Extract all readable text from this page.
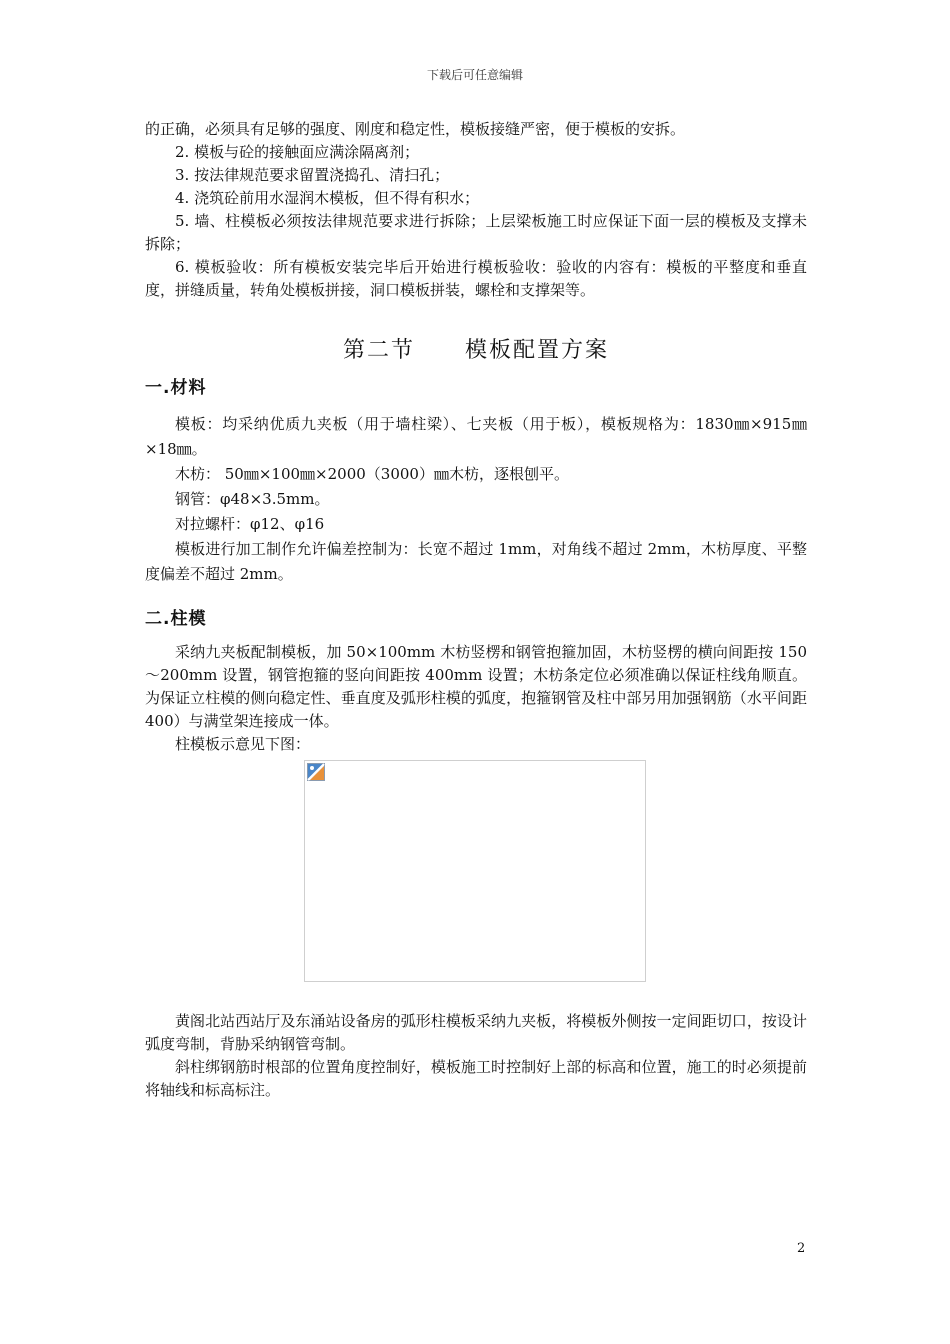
下载后可任意编辑

的正确，必须具有足够的强度、刚度和稳定性，模板接缝严密，便于模板的安拆。

2. 模板与砼的接触面应满涂隔离剂；

3. 按法律规范要求留置浇捣孔、清扫孔；

4. 浇筑砼前用水湿润木模板，但不得有积水；

5. 墙、柱模板必须按法律规范要求进行拆除；上层梁板施工时应保证下面一层的模板及支撑未拆除；

6. 模板验收：所有模板安装完毕后开始进行模板验收：验收的内容有：模板的平整度和垂直度，拼缝质量，转角处模板拼接，洞口模板拼装，螺栓和支撑架等。

第二节 模板配置方案
一.材料

模板：均采纳优质九夹板（用于墙柱梁）、七夹板（用于板），模板规格为：1830㎜×915㎜×18㎜。

木枋： 50㎜×100㎜×2000（3000）㎜木枋，逐根刨平。

钢管：φ48×3.5mm。

对拉螺杆：φ12、φ16

模板进行加工制作允许偏差控制为：长宽不超过 1mm，对角线不超过 2mm，木枋厚度、平整度偏差不超过 2mm。

二.柱模

采纳九夹板配制模板，加 50×100mm 木枋竖楞和钢管抱箍加固，木枋竖楞的横向间距按 150～200mm 设置，钢管抱箍的竖向间距按 400mm 设置；木枋条定位必须准确以保证柱线角顺直。为保证立柱模的侧向稳定性、垂直度及弧形柱模的弧度，抱箍钢管及柱中部另用加强钢筋（水平间距 400）与满堂架连接成一体。

柱模板示意见下图：

黄阁北站西站厅及东涌站设备房的弧形柱模板采纳九夹板，将模板外侧按一定间距切口，按设计弧度弯制，背胁采纳钢管弯制。

斜柱绑钢筋时根部的位置角度控制好，模板施工时控制好上部的标高和位置，施工的时必须提前将轴线和标高标注。

2
